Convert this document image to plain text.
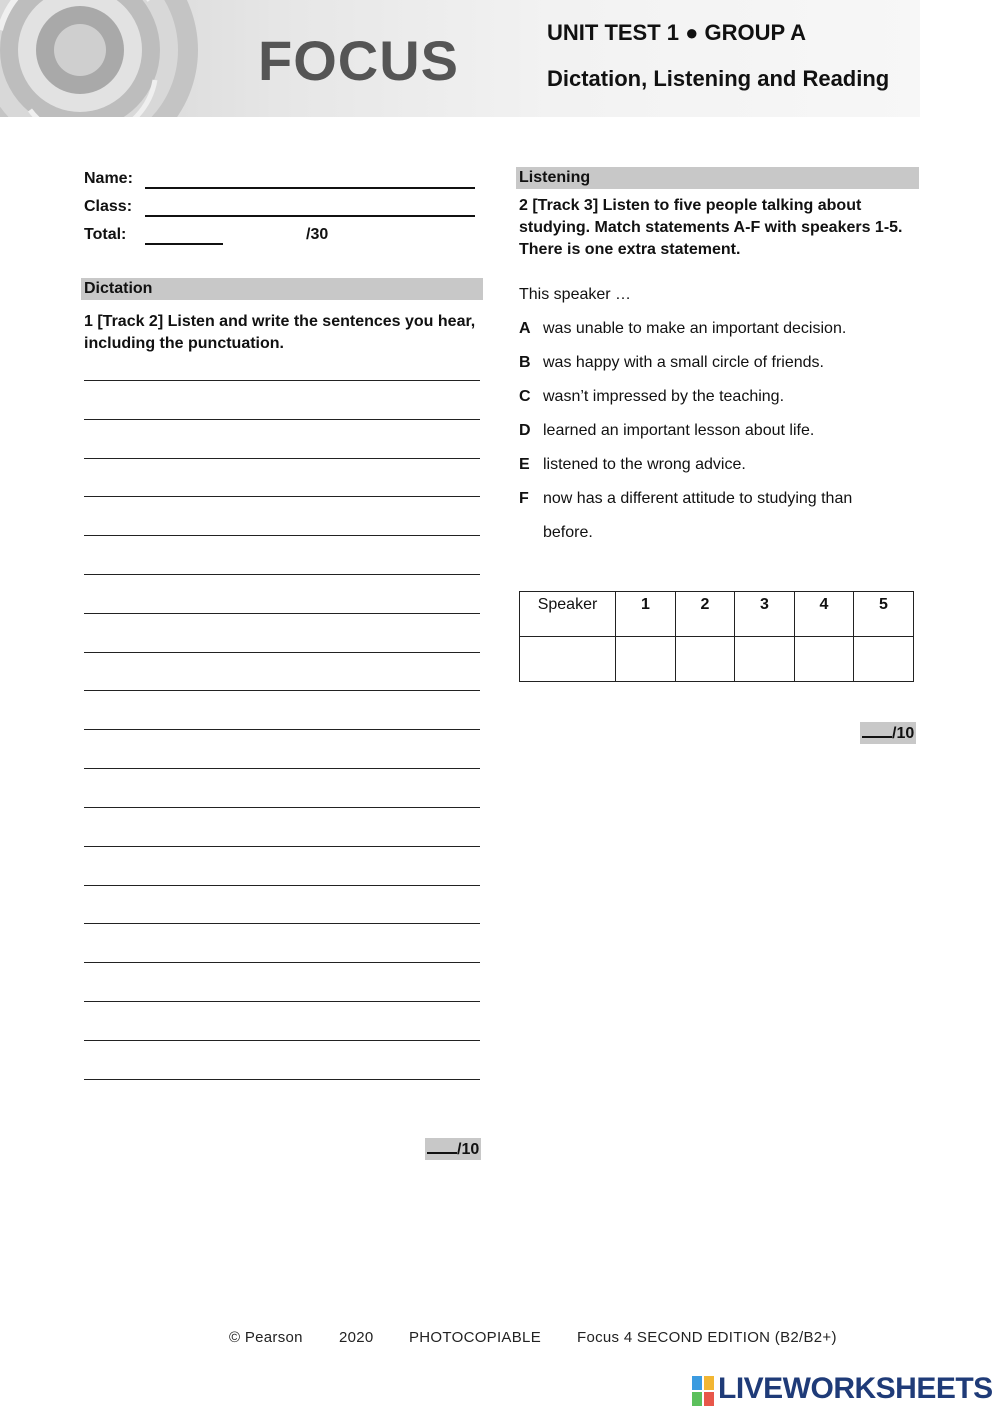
FOCUS	UNIT TEST 1 ● GROUP A
Dictation, Listening and Reading
Name:
Class:
Total:	/30
Dictation
1 [Track 2] Listen and write the sentences you hear, including the punctuation.
/10
Listening
2 [Track 3] Listen to five people talking about studying. Match statements A-F with speakers 1-5. There is one extra statement.
This speaker …
A was unable to make an important decision.
B was happy with a small circle of friends.
C wasn’t impressed by the teaching.
D learned an important lesson about life.
E listened to the wrong advice.
F now has a different attitude to studying than
before.
Speaker	1	2	3	4	5

/10
© Pearson 2020 PHOTOCOPIABLE Focus 4 SECOND EDITION (B2/B2+)
LIVEWORKSHEETS
